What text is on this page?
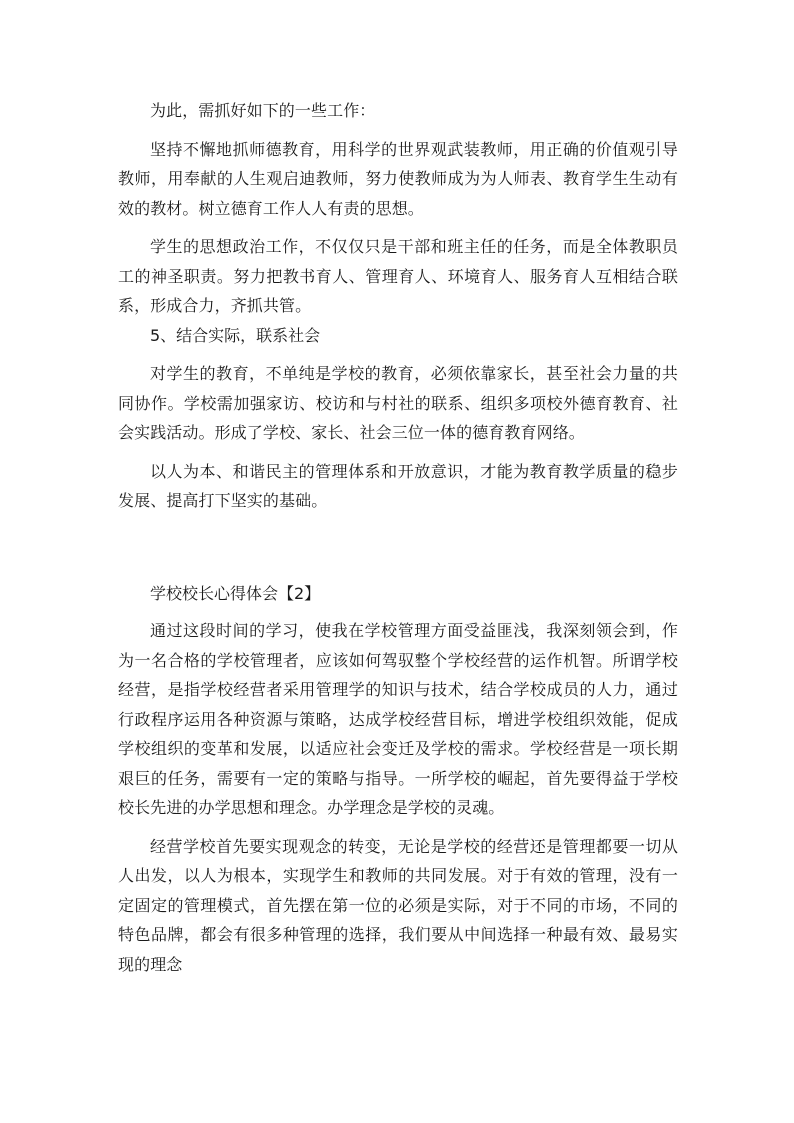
为此，需抓好如下的一些工作：

坚持不懈地抓师德教育，用科学的世界观武装教师，用正确的价值观引导教师，用奉献的人生观启迪教师，努力使教师成为为人师表、教育学生生动有效的教材。树立德育工作人人有责的思想。

学生的思想政治工作，不仅仅只是干部和班主任的任务，而是全体教职员工的神圣职责。努力把教书育人、管理育人、环境育人、服务育人互相结合联系，形成合力，齐抓共管。

5、结合实际，联系社会

对学生的教育，不单纯是学校的教育，必须依靠家长，甚至社会力量的共同协作。学校需加强家访、校访和与村社的联系、组织多项校外德育教育、社会实践活动。形成了学校、家长、社会三位一体的德育教育网络。

以人为本、和谐民主的管理体系和开放意识，才能为教育教学质量的稳步发展、提高打下坚实的基础。

学校校长心得体会【2】

通过这段时间的学习，使我在学校管理方面受益匪浅，我深刻领会到，作为一名合格的学校管理者，应该如何驾驭整个学校经营的运作机智。所谓学校经营，是指学校经营者采用管理学的知识与技术，结合学校成员的人力，通过行政程序运用各种资源与策略，达成学校经营目标，增进学校组织效能，促成学校组织的变革和发展，以适应社会变迁及学校的需求。学校经营是一项长期艰巨的任务，需要有一定的策略与指导。一所学校的崛起，首先要得益于学校校长先进的办学思想和理念。办学理念是学校的灵魂。

经营学校首先要实现观念的转变，无论是学校的经营还是管理都要一切从人出发，以人为根本，实现学生和教师的共同发展。对于有效的管理，没有一定固定的管理模式，首先摆在第一位的必须是实际，对于不同的市场，不同的特色品牌，都会有很多种管理的选择，我们要从中间选择一种最有效、最易实现的理念
